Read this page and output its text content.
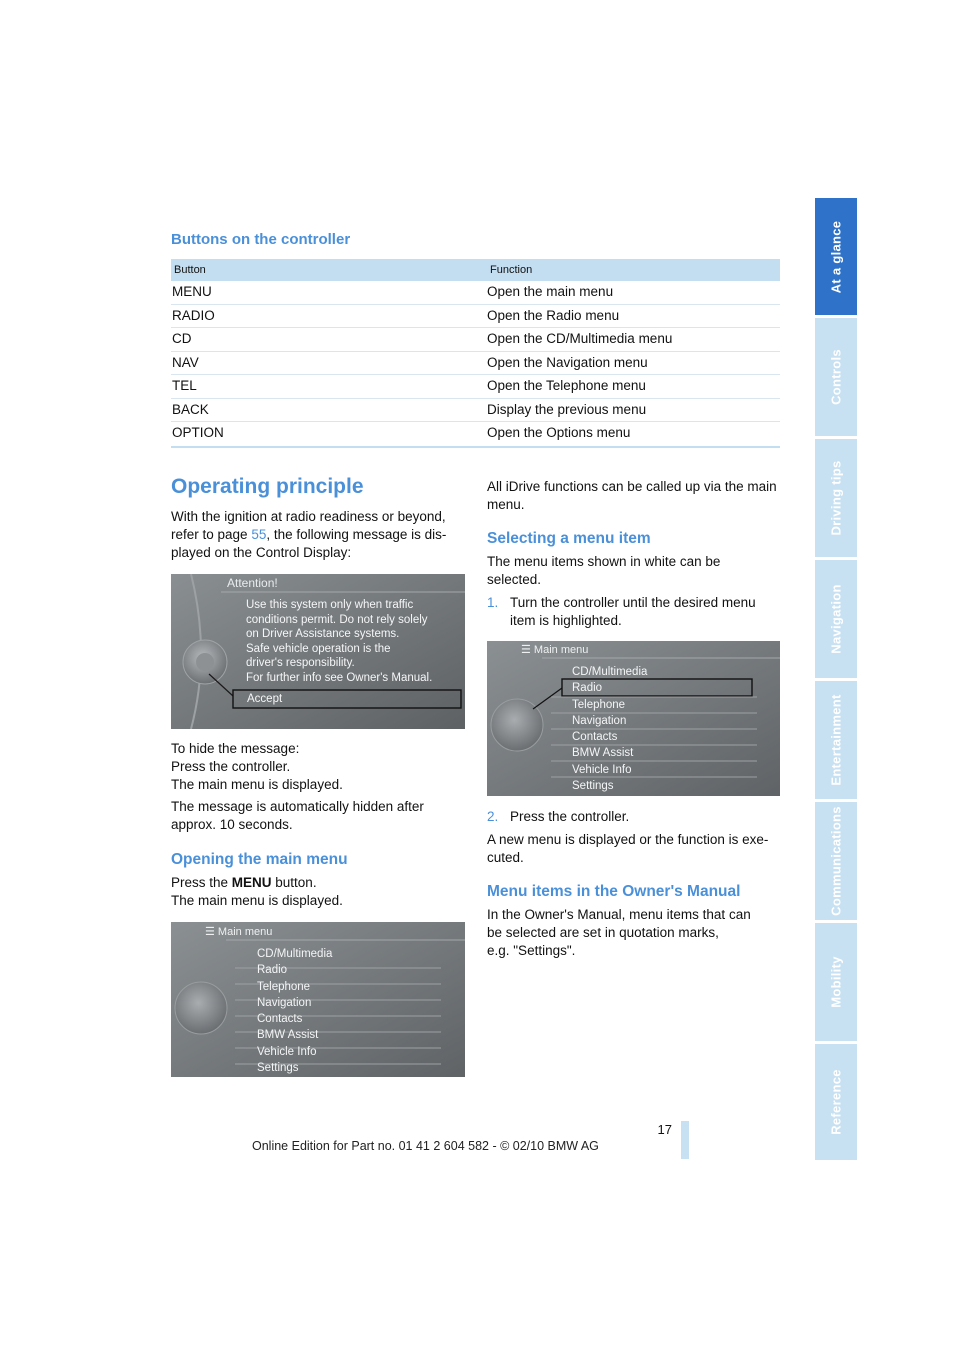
At a glance
Controls
Driving tips
Navigation
Entertainment
Communications
Mobility
Reference
Buttons on the controller
Button	Function
MENU	Open the main menu
RADIO	Open the Radio menu
CD	Open the CD/Multimedia menu
NAV	Open the Navigation menu
TEL	Open the Telephone menu
BACK	Display the previous menu
OPTION	Open the Options menu
Operating principle
With the ignition at radio readiness or beyond,
refer to page 55, the following message is dis-
played on the Control Display:
Attention!
Use this system only when traffic
conditions permit. Do not rely solely
on Driver Assistance systems.
Safe vehicle operation is the
driver's responsibility.
For further info see Owner's Manual.
Accept
To hide the message:
Press the controller.
The main menu is displayed.
The message is automatically hidden after
approx. 10 seconds.
Opening the main menu
Press the MENU button.
The main menu is displayed.
☰ Main menu
CD/Multimedia
Radio
Telephone
Navigation
Contacts
BMW Assist
Vehicle Info
Settings
All iDrive functions can be called up via the main
menu.
Selecting a menu item
The menu items shown in white can be
selected.
1. Turn the controller until the desired menu
item is highlighted.
☰ Main menu
CD/Multimedia
Radio
Telephone
Navigation
Contacts
BMW Assist
Vehicle Info
Settings
2. Press the controller.
A new menu is displayed or the function is exe-
cuted.
Menu items in the Owner's Manual
In the Owner's Manual, menu items that can
be selected are set in quotation marks,
e.g. "Settings".
17
Online Edition for Part no. 01 41 2 604 582 - © 02/10 BMW AG
